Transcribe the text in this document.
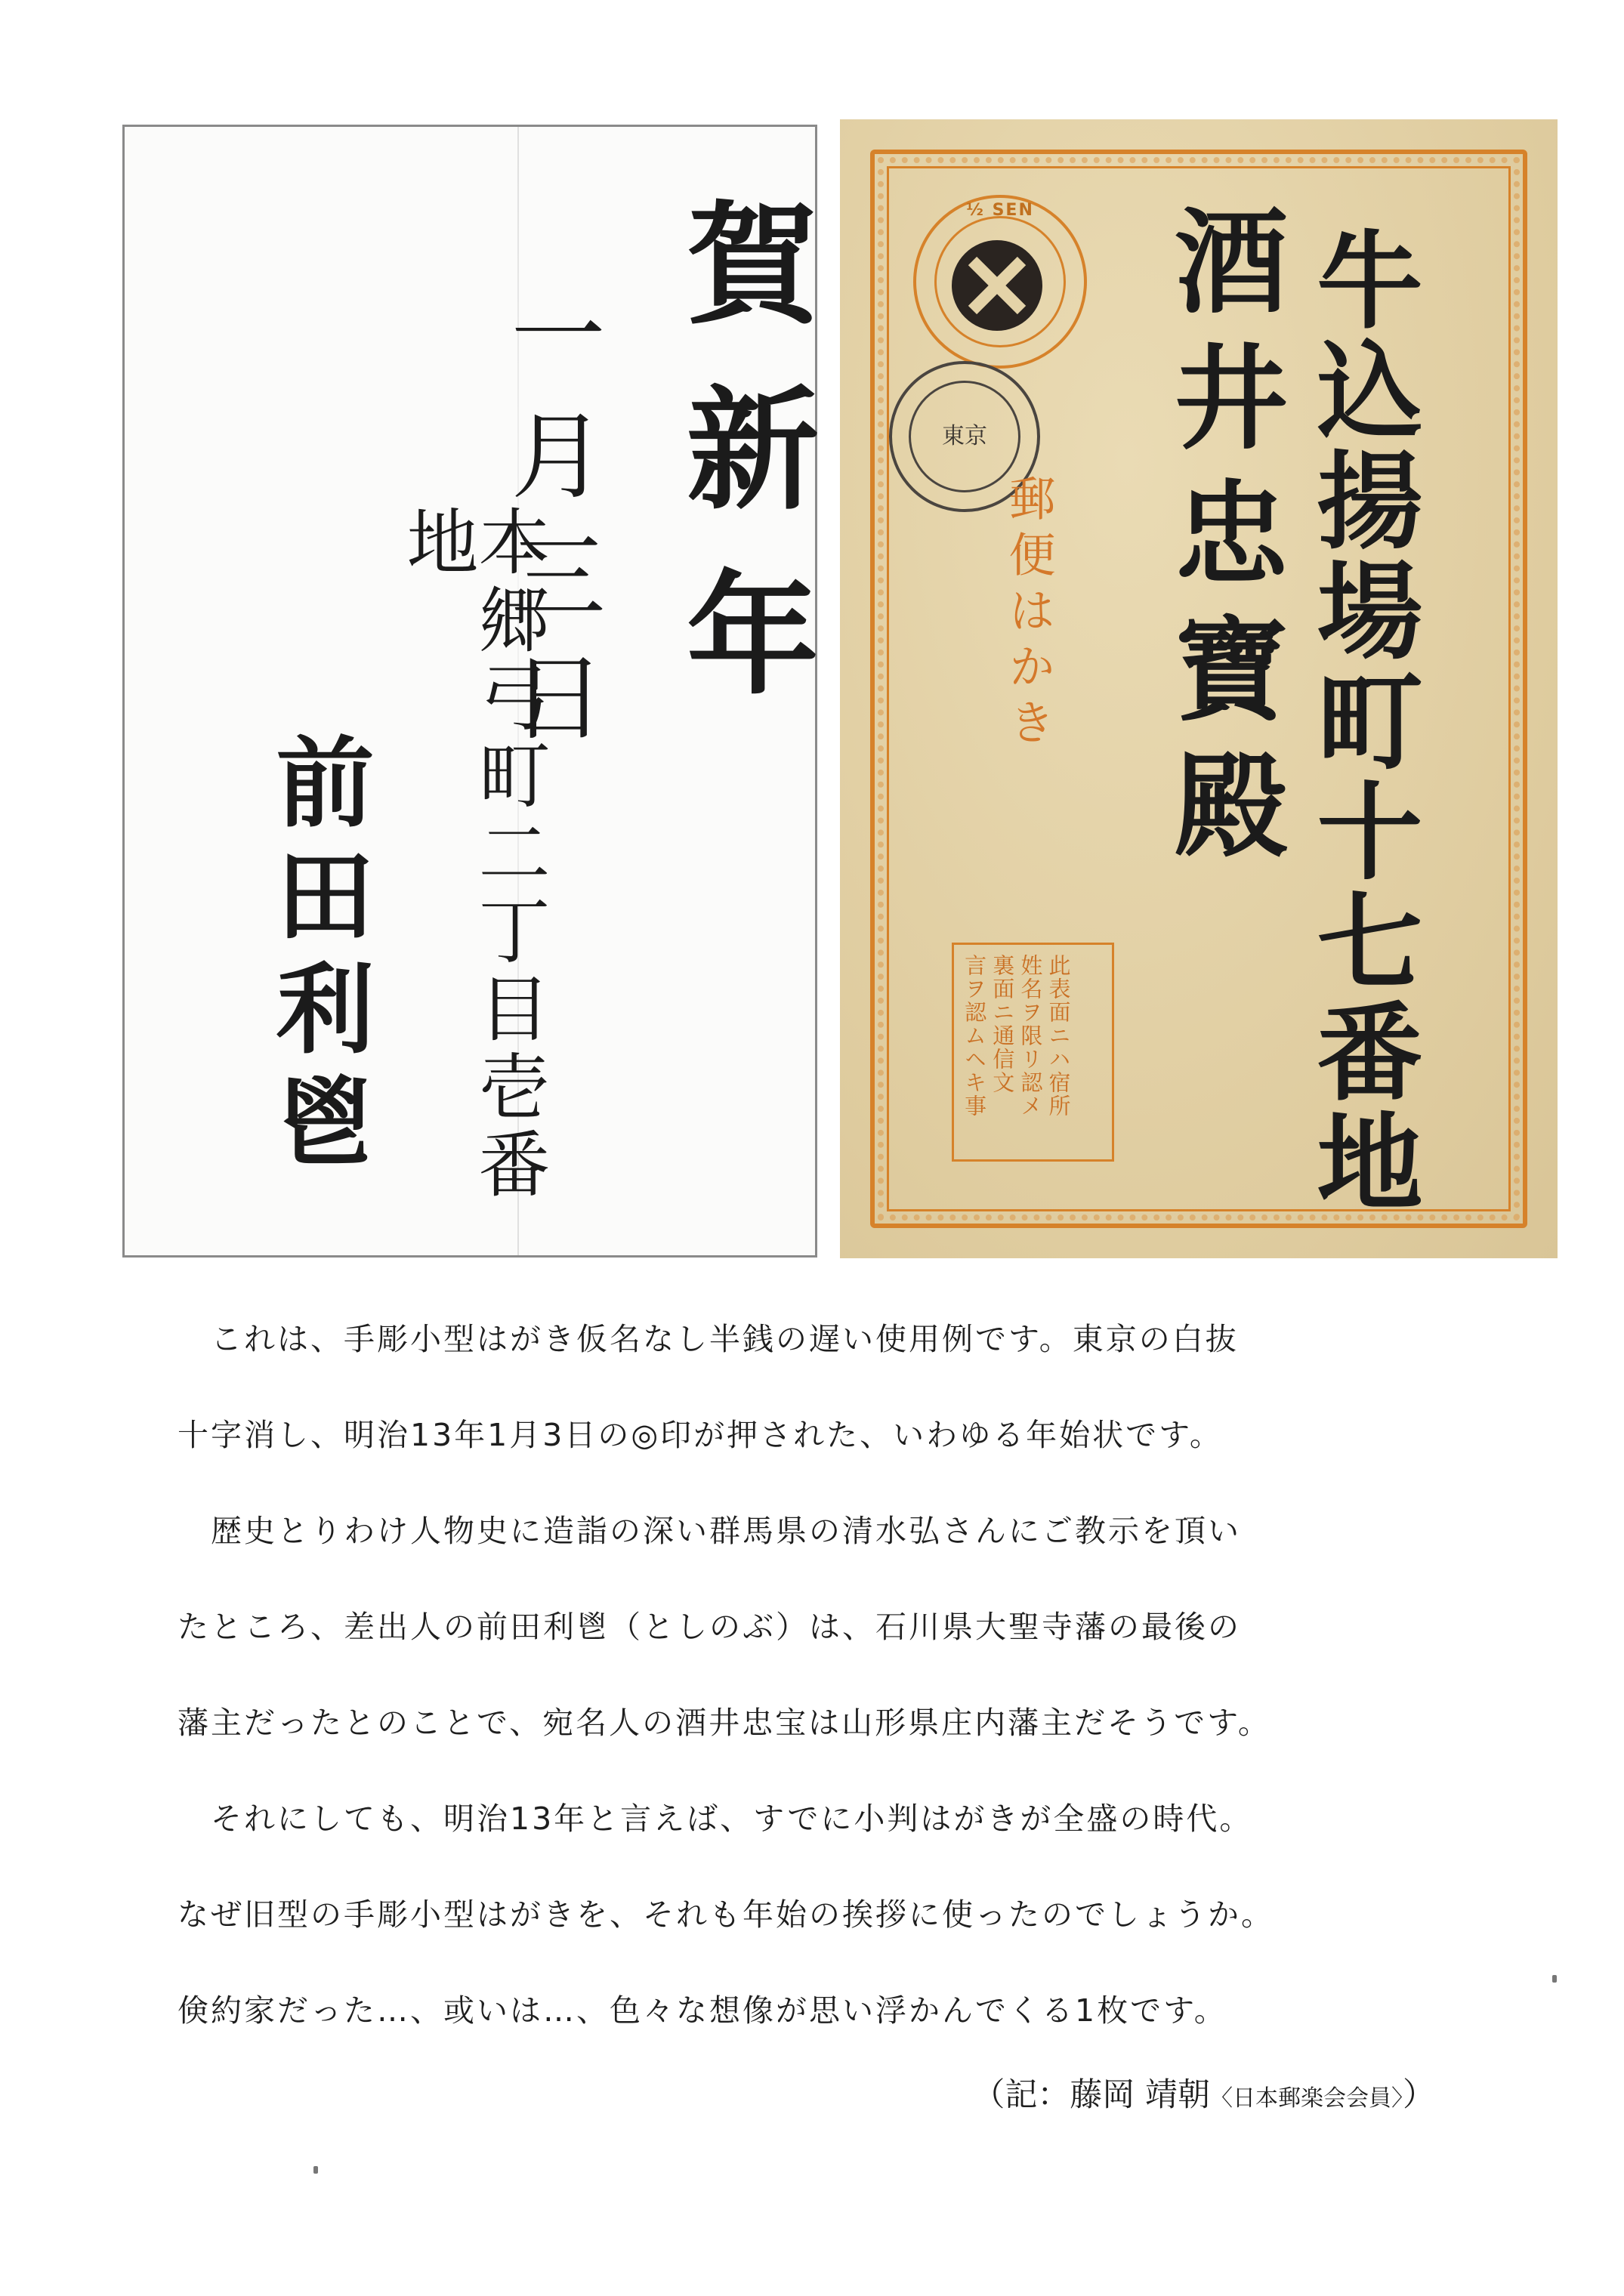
賀新年
一月三日
本郷弓町二丁目壱番地
前田利鬯
½ SEN
東京
郵便はかき
此表面ニハ宿所
姓名ヲ限リ認メ
裏面ニ通信文
言ヲ認ムヘキ事	牛込揚場町十七番地
酒井忠寶殿

　これは、手彫小型はがき仮名なし半銭の遅い使用例です。東京の白抜

十字消し、明治13年1月3日の◎印が押された、いわゆる年始状です。

　歴史とりわけ人物史に造詣の深い群馬県の清水弘さんにご教示を頂い

たところ、差出人の前田利鬯（としのぶ）は、石川県大聖寺藩の最後の

藩主だったとのことで、宛名人の酒井忠宝は山形県庄内藩主だそうです。

　それにしても、明治13年と言えば、すでに小判はがきが全盛の時代。

なぜ旧型の手彫小型はがきを、それも年始の挨拶に使ったのでしょうか。

倹約家だった…、或いは…、色々な想像が思い浮かんでくる1枚です。

（記：藤岡 靖朝〈日本郵楽会会員〉）
